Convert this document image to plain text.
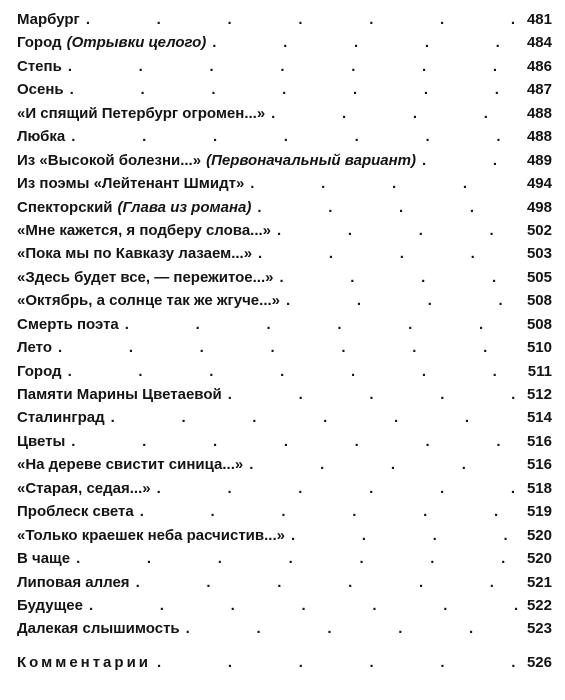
Марбург .	481
Город (Отрывки целого) .	484
Степь .	486
Осень .	487
«И спящий Петербург огромен...» .	488
Любка .	488
Из «Высокой болезни...» (Первоначальный вариант) .	489
Из поэмы «Лейтенант Шмидт» .	494
Спекторский (Глава из романа) .	498
«Мне кажется, я подберу слова...» .	502
«Пока мы по Кавказу лазаем...» .	503
«Здесь будет все, — пережитое...» .	505
«Октябрь, а солнце так же жгуче...» .	508
Смерть поэта .	508
Лето .	510
Город .	511
Памяти Марины Цветаевой .	512
Сталинград .	514
Цветы .	516
«На дереве свистит синица...» .	516
«Старая, седая...» .	518
Проблеск света .	519
«Только краешек неба расчистив...» .	520
В чаще .	520
Липовая аллея .	521
Будущее .	522
Далекая слышимость .	523
Комментарии .	526
